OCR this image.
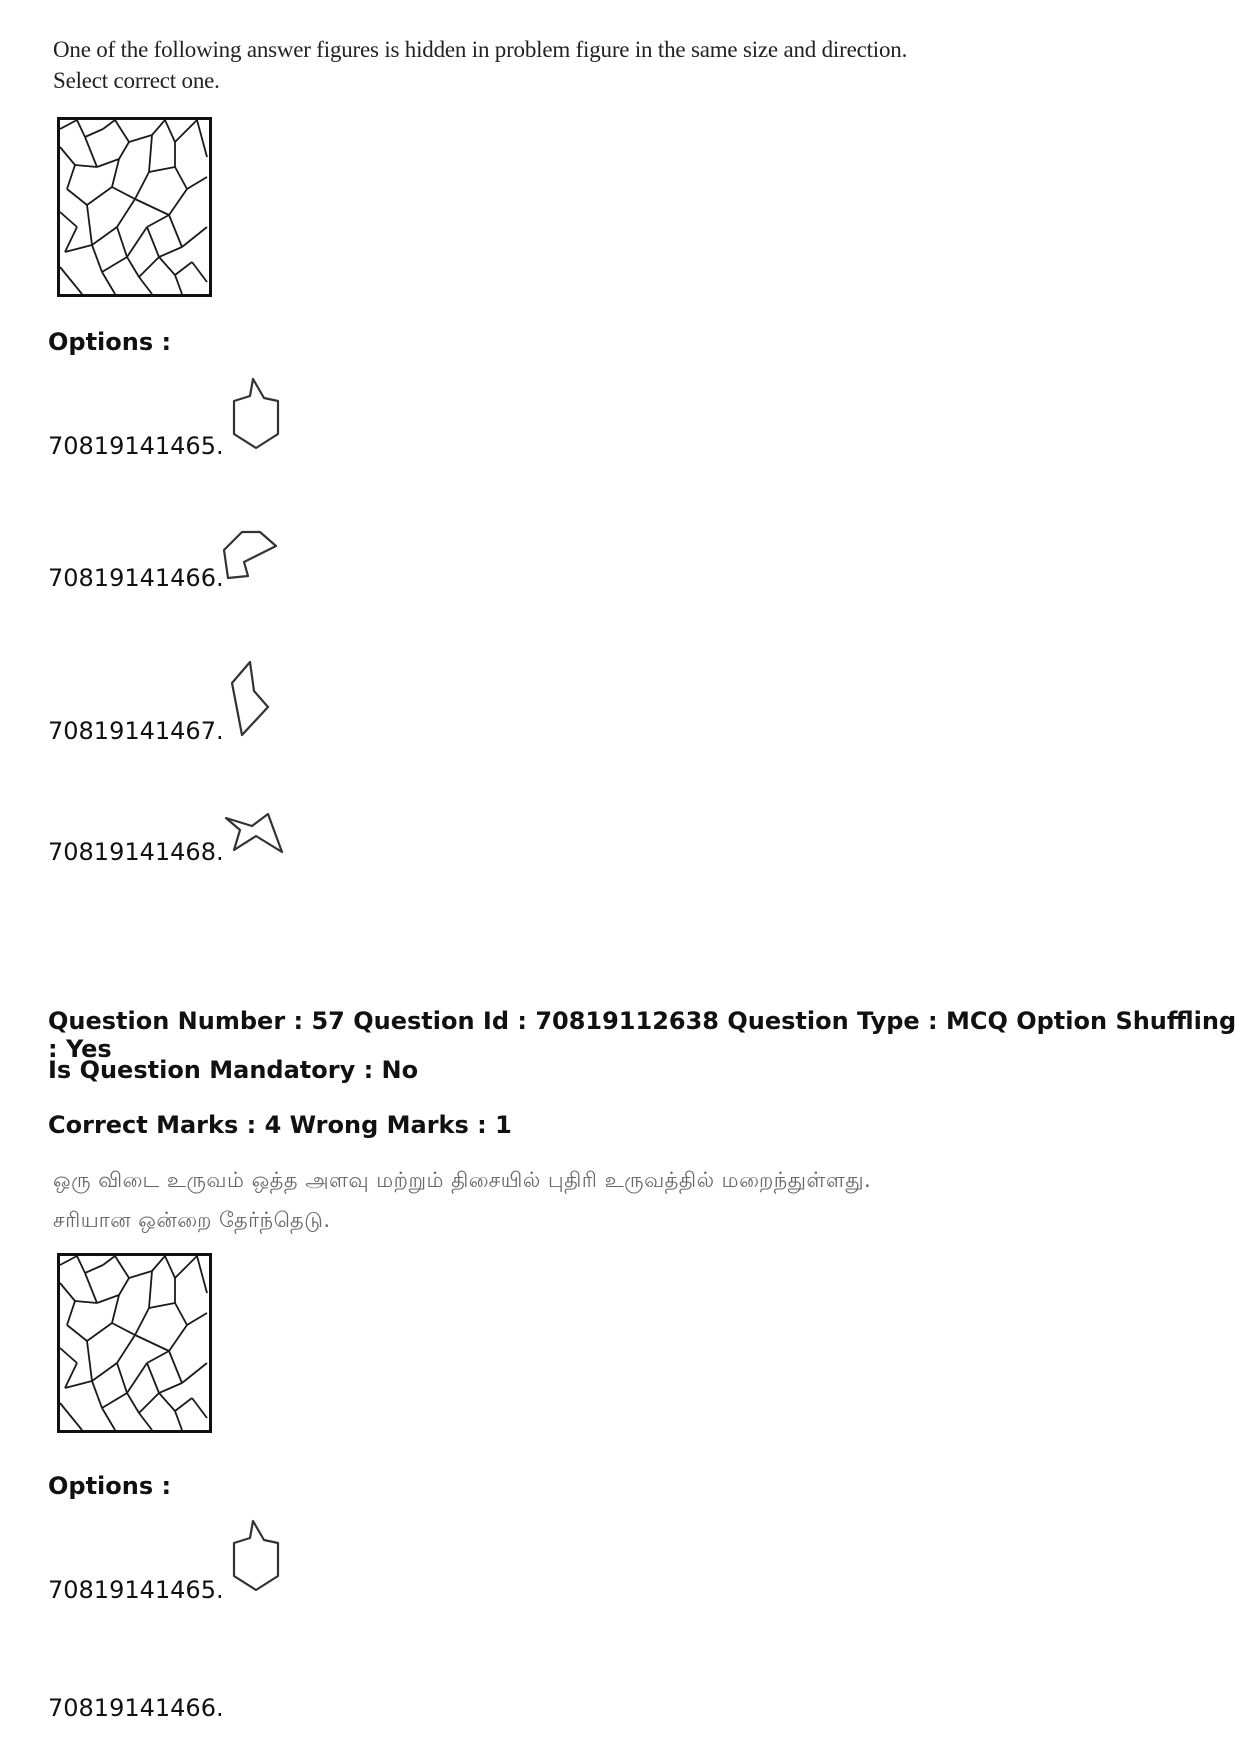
One of the following answer figures is hidden in problem figure in the same size and direction.
Select correct one.
Options :
70819141465.
70819141466.
70819141467.
70819141468.
Question Number : 57 Question Id : 70819112638 Question Type : MCQ Option Shuffling : Yes
Is Question Mandatory : No
Correct Marks : 4 Wrong Marks : 1
ஒரு விடை உருவம் ஒத்த அளவு மற்றும் திசையில் புதிரி உருவத்தில் மறைந்துள்ளது.
சரியான ஒன்றை தேர்ந்தெடு.
Options :
70819141465.
70819141466.
